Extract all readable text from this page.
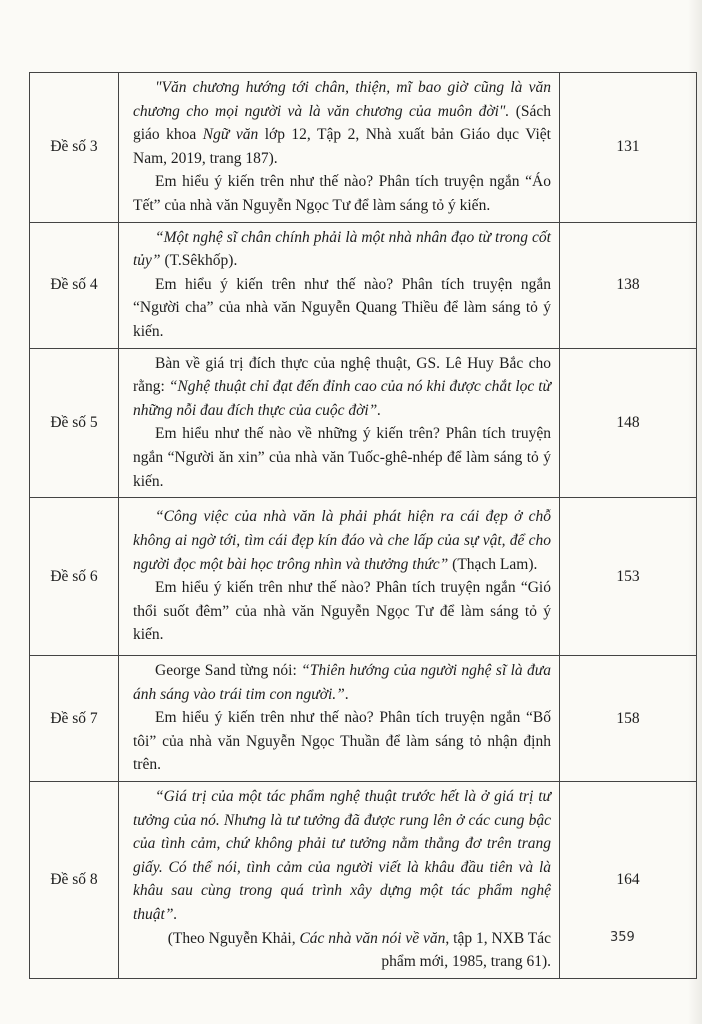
Đề số 3	"Văn chương hướng tới chân, thiện, mĩ bao giờ cũng là văn chương cho mọi người và là văn chương của muôn đời". (Sách giáo khoa Ngữ văn lớp 12, Tập 2, Nhà xuất bản Giáo dục Việt Nam, 2019, trang 187).

Em hiểu ý kiến trên như thế nào? Phân tích truyện ngắn “Áo Tết” của nhà văn Nguyễn Ngọc Tư để làm sáng tỏ ý kiến.	131
Đề số 4	“Một nghệ sĩ chân chính phải là một nhà nhân đạo từ trong cốt tủy” (T.Sêkhốp).

Em hiểu ý kiến trên như thế nào? Phân tích truyện ngắn “Người cha” của nhà văn Nguyễn Quang Thiều để làm sáng tỏ ý kiến.	138
Đề số 5	Bàn về giá trị đích thực của nghệ thuật, GS. Lê Huy Bắc cho rằng: “Nghệ thuật chỉ đạt đến đỉnh cao của nó khi được chắt lọc từ những nỗi đau đích thực của cuộc đời”.

Em hiểu như thế nào về những ý kiến trên? Phân tích truyện ngắn “Người ăn xin” của nhà văn Tuốc-ghê-nhép để làm sáng tỏ ý kiến.	148
Đề số 6	“Công việc của nhà văn là phải phát hiện ra cái đẹp ở chỗ không ai ngờ tới, tìm cái đẹp kín đáo và che lấp của sự vật, để cho người đọc một bài học trông nhìn và thưởng thức” (Thạch Lam).

Em hiểu ý kiến trên như thế nào? Phân tích truyện ngắn “Gió thổi suốt đêm” của nhà văn Nguyễn Ngọc Tư để làm sáng tỏ ý kiến.	153
Đề số 7	George Sand từng nói: “Thiên hướng của người nghệ sĩ là đưa ánh sáng vào trái tim con người.”.

Em hiểu ý kiến trên như thế nào? Phân tích truyện ngắn “Bố tôi” của nhà văn Nguyễn Ngọc Thuần để làm sáng tỏ nhận định trên.	158
Đề số 8	“Giá trị của một tác phẩm nghệ thuật trước hết là ở giá trị tư tưởng của nó. Nhưng là tư tưởng đã được rung lên ở các cung bậc của tình cảm, chứ không phải tư tưởng nằm thẳng đơ trên trang giấy. Có thể nói, tình cảm của người viết là khâu đầu tiên và là khâu sau cùng trong quá trình xây dựng một tác phẩm nghệ thuật”.

(Theo Nguyễn Khải, Các nhà văn nói về văn, tập 1, NXB Tác phẩm mới, 1985, trang 61).	164
359
